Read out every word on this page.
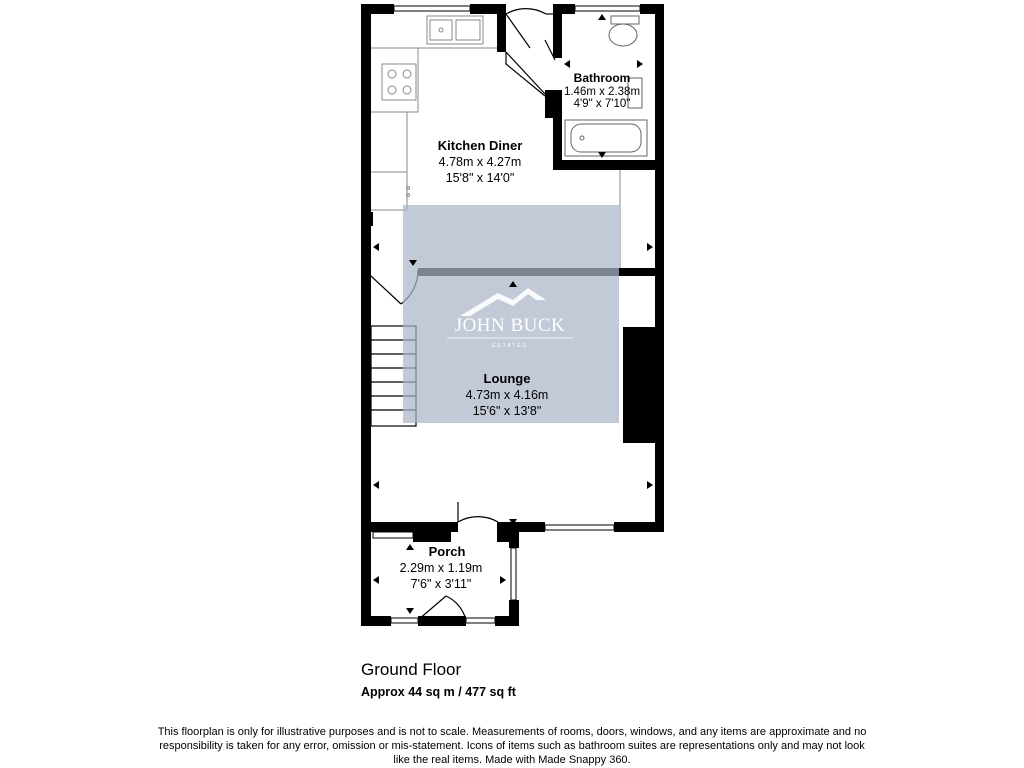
JOHN BUCK
ESTATES
Kitchen Diner
4.78m x 4.27m
15'8" x 14'0"
Bathroom
1.46m x 2.38m
4'9" x 7'10"
Lounge
4.73m x 4.16m
15'6" x 13'8"
Porch
2.29m x 1.19m
7'6" x 3'11"
Ground Floor
Approx 44 sq m / 477 sq ft
This floorplan is only for illustrative purposes and is not to scale. Measurements of rooms, doors, windows, and any items are approximate and no responsibility is taken for any error, omission or mis-statement. Icons of items such as bathroom suites are representations only and may not look like the real items. Made with Made Snappy 360.
